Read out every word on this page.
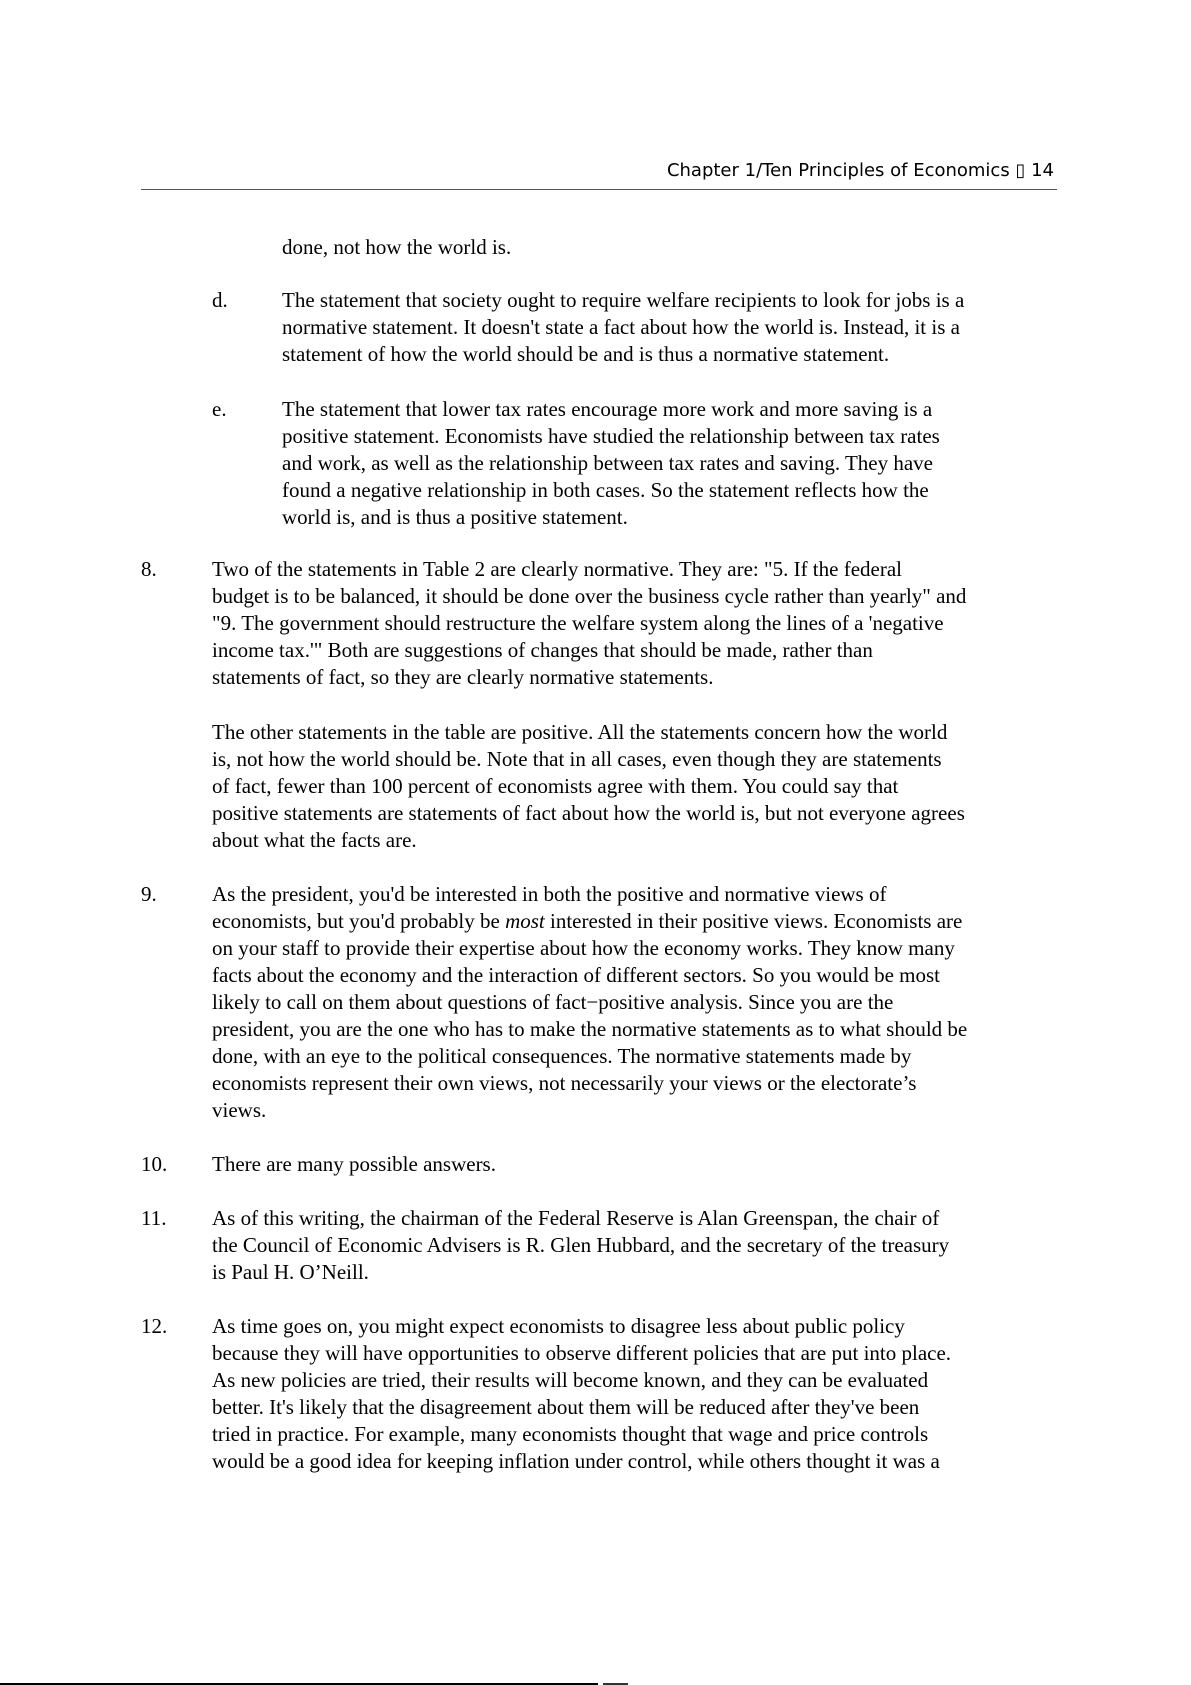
Chapter 1/Ten Principles of Economics ▯ 14
done, not how the world is.
d.	The statement that society ought to require welfare recipients to look for jobs is a
normative statement. It doesn't state a fact about how the world is. Instead, it is a
statement of how the world should be and is thus a normative statement.
e.	The statement that lower tax rates encourage more work and more saving is a
positive statement. Economists have studied the relationship between tax rates
and work, as well as the relationship between tax rates and saving. They have
found a negative relationship in both cases. So the statement reflects how the
world is, and is thus a positive statement.
8.	Two of the statements in Table 2 are clearly normative. They are: "5. If the federal
budget is to be balanced, it should be done over the business cycle rather than yearly" and
"9. The government should restructure the welfare system along the lines of a 'negative
income tax.'" Both are suggestions of changes that should be made, rather than
statements of fact, so they are clearly normative statements.
The other statements in the table are positive. All the statements concern how the world
is, not how the world should be. Note that in all cases, even though they are statements
of fact, fewer than 100 percent of economists agree with them. You could say that
positive statements are statements of fact about how the world is, but not everyone agrees
about what the facts are.
9.	As the president, you'd be interested in both the positive and normative views of
economists, but you'd probably be most interested in their positive views. Economists are
on your staff to provide their expertise about how the economy works. They know many
facts about the economy and the interaction of different sectors. So you would be most
likely to call on them about questions of fact−positive analysis. Since you are the
president, you are the one who has to make the normative statements as to what should be
done, with an eye to the political consequences. The normative statements made by
economists represent their own views, not necessarily your views or the electorate’s
views.
10. There are many possible answers.
11. As of this writing, the chairman of the Federal Reserve is Alan Greenspan, the chair of
the Council of Economic Advisers is R. Glen Hubbard, and the secretary of the treasury
is Paul H. O’Neill.
12. As time goes on, you might expect economists to disagree less about public policy
because they will have opportunities to observe different policies that are put into place.
As new policies are tried, their results will become known, and they can be evaluated
better. It's likely that the disagreement about them will be reduced after they've been
tried in practice. For example, many economists thought that wage and price controls
would be a good idea for keeping inflation under control, while others thought it was a
